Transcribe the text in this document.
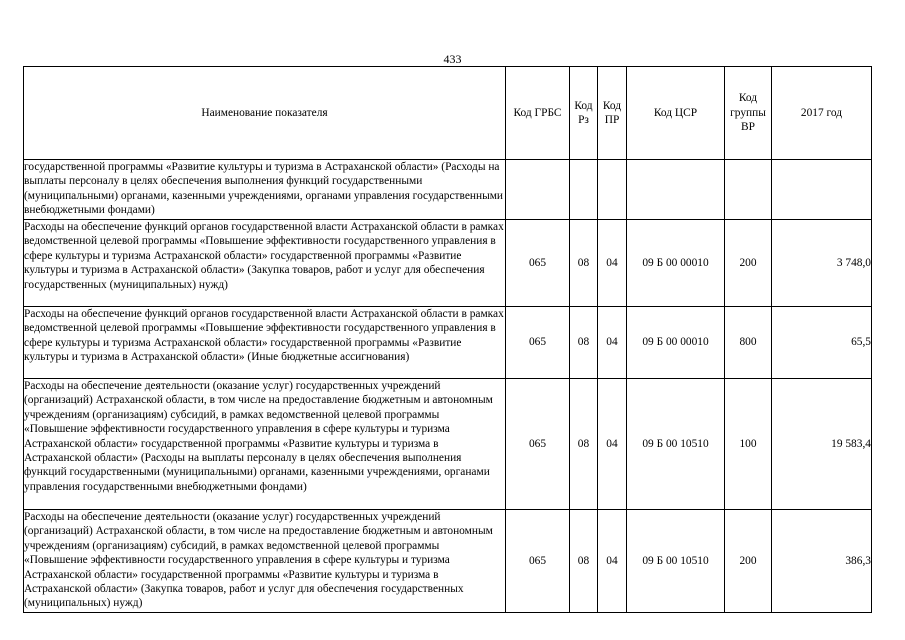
433
Наименование показателя	Код ГРБС	Код Рз	Код ПР	Код ЦСР	Код группы ВР	2017 год
государственной программы «Развитие культуры и туризма в Астраханской области» (Расходы на выплаты персоналу в целях обеспечения выполнения функций государственными (муниципальными) органами, казенными учреждениями, органами управления государственными внебюджетными фондами)						
Расходы на обеспечение функций органов государственной власти Астраханской области в рамках ведомственной целевой программы «Повышение эффективности государственного управления в сфере культуры и туризма Астраханской области» государственной программы «Развитие культуры и туризма в Астраханской области» (Закупка товаров, работ и услуг для обеспечения государственных (муниципальных) нужд)	065	08	04	09 Б 00 00010	200	3 748,0
Расходы на обеспечение функций органов государственной власти Астраханской области в рамках ведомственной целевой программы «Повышение эффективности государственного управления в сфере культуры и туризма Астраханской области» государственной программы «Развитие культуры и туризма в Астраханской области» (Иные бюджетные ассигнования)	065	08	04	09 Б 00 00010	800	65,5
Расходы на обеспечение деятельности (оказание услуг) государственных учреждений (организаций) Астраханской области, в том числе на предоставление бюджетным и автономным учреждениям (организациям) субсидий, в рамках ведомственной целевой программы «Повышение эффективности государственного управления в сфере культуры и туризма Астраханской области» государственной программы «Развитие культуры и туризма в Астраханской области» (Расходы на выплаты персоналу в целях обеспечения выполнения функций государственными (муниципальными) органами, казенными учреждениями, органами управления государственными внебюджетными фондами)	065	08	04	09 Б 00 10510	100	19 583,4
Расходы на обеспечение деятельности (оказание услуг) государственных учреждений (организаций) Астраханской области, в том числе на предоставление бюджетным и автономным учреждениям (организациям) субсидий, в рамках ведомственной целевой программы «Повышение эффективности государственного управления в сфере культуры и туризма Астраханской области» государственной программы «Развитие культуры и туризма в Астраханской области» (Закупка товаров, работ и услуг для обеспечения государственных (муниципальных) нужд)	065	08	04	09 Б 00 10510	200	386,3
